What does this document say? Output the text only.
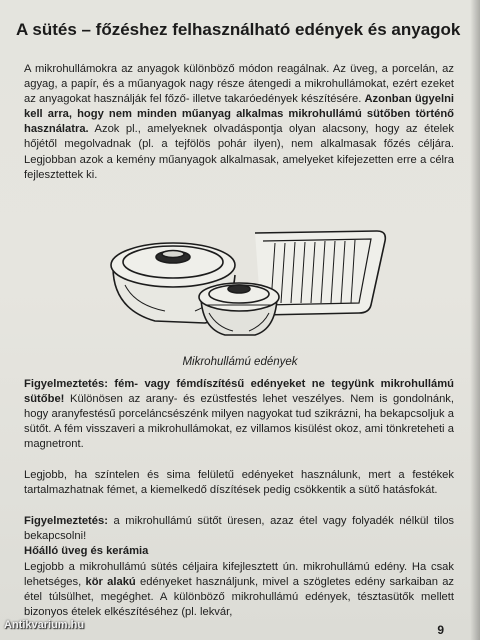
A sütés – főzéshez felhasználható edények és anyagok
A mikrohullámokra az anyagok különböző módon reagálnak. Az üveg, a porcelán, az agyag, a papír, és a műanyagok nagy része átengedi a mikrohullámokat, ezért ezeket az anyagokat használják fel főző- illetve takaróedények készítésére. Azonban ügyelni kell arra, hogy nem minden műanyag alkalmas mikrohullámú sütőben történő használatra. Azok pl., amelyeknek olvadáspontja olyan alacsony, hogy az ételek hőjétől megolvadnak (pl. a tejfölös pohár ilyen), nem alkalmasak főzés céljára. Legjobban azok a kemény műanyagok alkalmasak, amelyeket kifejezetten erre a célra fejlesztettek ki.
Mikrohullámú edények
Figyelmeztetés: fém- vagy fémdíszítésű edényeket ne tegyünk mikrohullámú sütőbe! Különösen az arany- és ezüstfestés lehet veszélyes. Nem is gondolnánk, hogy aranyfestésű porceláncsészénk milyen nagyokat tud szikrázni, ha bekapcsoljuk a sütőt. A fém visszaveri a mikrohullámokat, ez villamos kisülést okoz, ami tönkreteheti a magnetront.
Legjobb, ha színtelen és sima felületű edényeket használunk, mert a festékek tartalmazhatnak fémet, a kiemelkedő díszítések pedig csökkentik a sütő hatásfokát.
Figyelmeztetés: a mikrohullámú sütőt üresen, azaz étel vagy folyadék nélkül tilos bekapcsolni!
Hőálló üveg és kerámia
Legjobb a mikrohullámú sütés céljaira kifejlesztett ún. mikrohullámú edény. Ha csak lehetséges, kör alakú edényeket használjunk, mivel a szögletes edény sarkaiban az étel túlsülhet, megéghet. A különböző mikrohullámú edények, tésztasütők mellett bizonyos ételek elkészítéséhez (pl. lekvár,
9
Antikvarium.hu
